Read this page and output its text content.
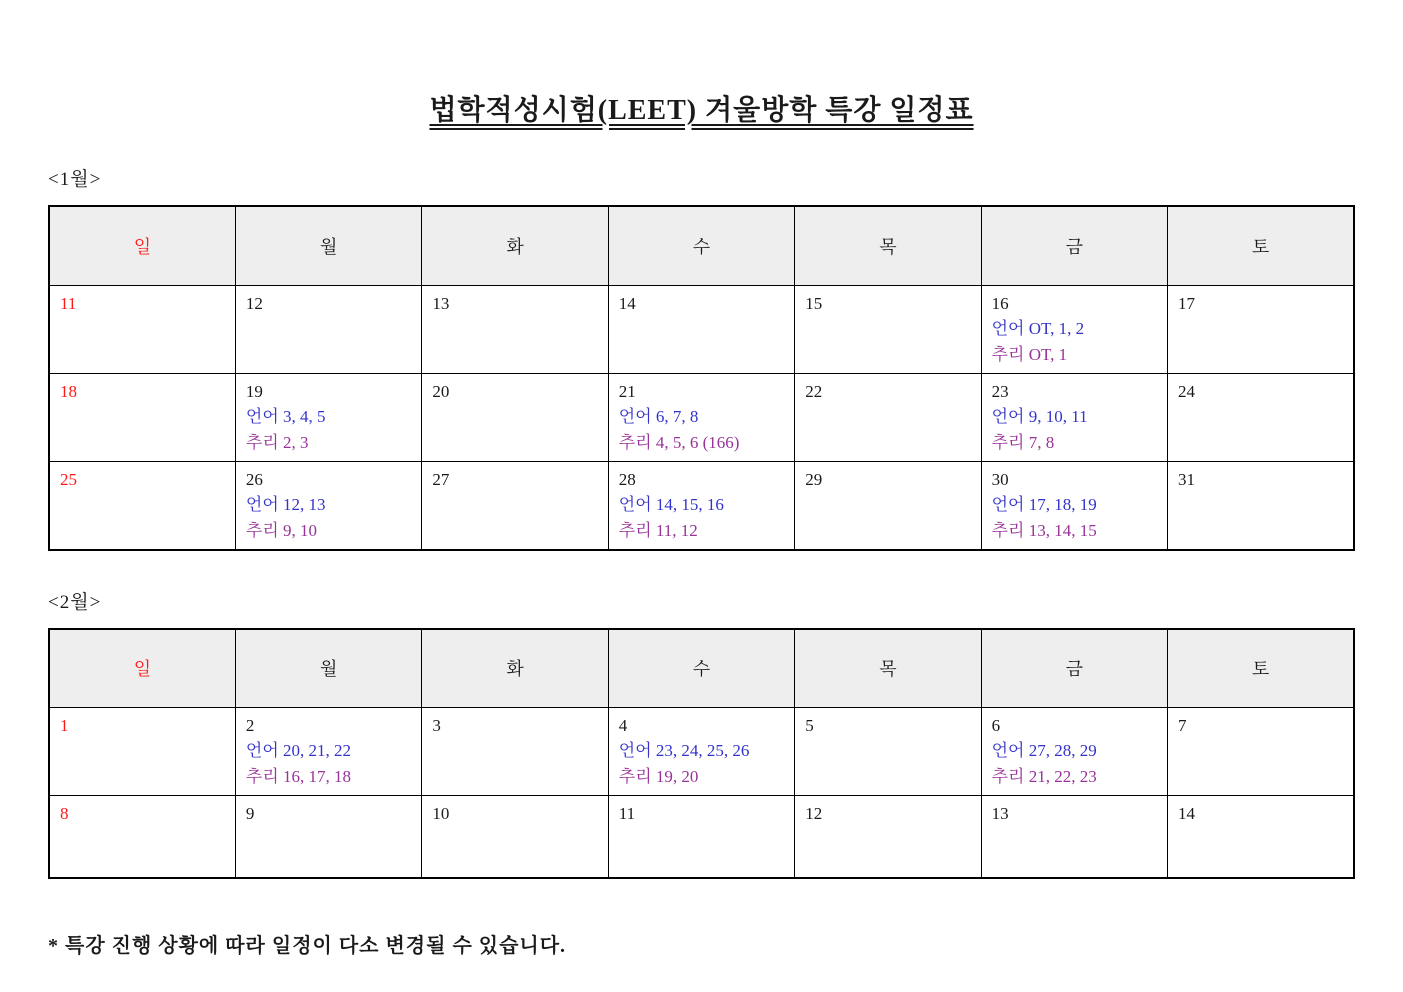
법학적성시험(LEET) 겨울방학 특강 일정표
<1월>
일	월	화	수	목	금	토

11	12	13	14	15	16
언어 OT, 1, 2
추리 OT, 1	17

18	19
언어 3, 4, 5
추리 2, 3	20	21
언어 6, 7, 8
추리 4, 5, 6 (166)	22	23
언어 9, 10, 11
추리 7, 8	24

25	26
언어 12, 13
추리 9, 10	27	28
언어 14, 15, 16
추리 11, 12	29	30
언어 17, 18, 19
추리 13, 14, 15	31
<2월>
일	월	화	수	목	금	토

1	2
언어 20, 21, 22
추리 16, 17, 18	3	4
언어 23, 24, 25, 26
추리 19, 20	5	6
언어 27, 28, 29
추리 21, 22, 23	7

8	9	10	11	12	13	14
* 특강 진행 상황에 따라 일정이 다소 변경될 수 있습니다.
